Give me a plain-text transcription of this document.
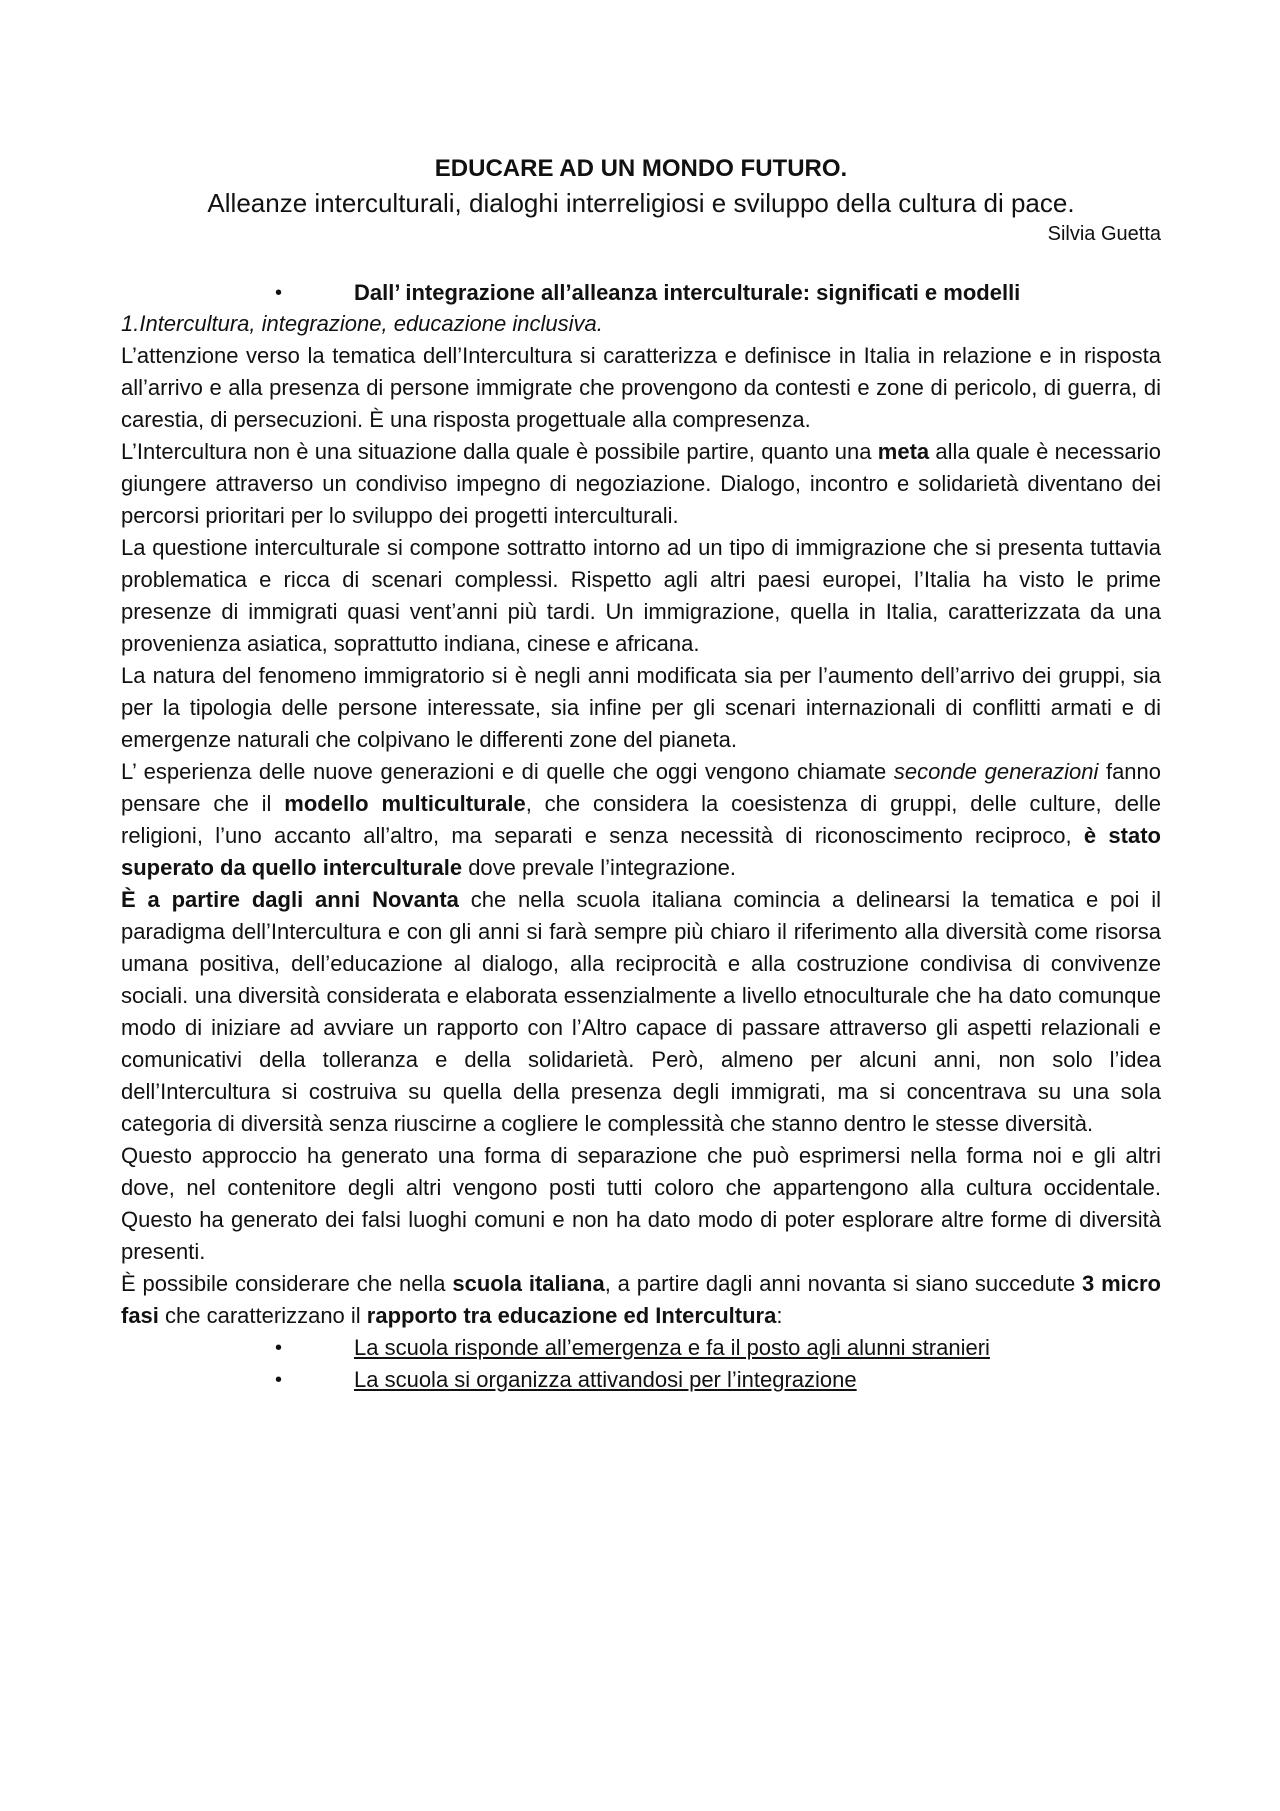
EDUCARE AD UN MONDO FUTURO.

Alleanze interculturali, dialoghi interreligiosi e sviluppo della cultura di pace.

Silvia Guetta

•	Dall’ integrazione all’alleanza interculturale: significati e modelli

1.Intercultura, integrazione, educazione inclusiva.

L’attenzione verso la tematica dell’Intercultura si caratterizza e definisce in Italia in relazione e in risposta all’arrivo e alla presenza di persone immigrate che provengono da contesti e zone di pericolo, di guerra, di carestia, di persecuzioni. È una risposta progettuale alla compresenza.

L’Intercultura non è una situazione dalla quale è possibile partire, quanto una meta alla quale è necessario giungere attraverso un condiviso impegno di negoziazione. Dialogo, incontro e solidarietà diventano dei percorsi prioritari per lo sviluppo dei progetti interculturali.

La questione interculturale si compone sottratto intorno ad un tipo di immigrazione che si presenta tuttavia problematica e ricca di scenari complessi. Rispetto agli altri paesi europei, l’Italia ha visto le prime presenze di immigrati quasi vent’anni più tardi. Un immigrazione, quella in Italia, caratterizzata da una provenienza asiatica, soprattutto indiana, cinese e africana.

La natura del fenomeno immigratorio si è negli anni modificata sia per l’aumento dell’arrivo dei gruppi, sia per la tipologia delle persone interessate, sia infine per gli scenari internazionali di conflitti armati e di emergenze naturali che colpivano le differenti zone del pianeta.

L’ esperienza delle nuove generazioni e di quelle che oggi vengono chiamate seconde generazioni fanno pensare che il modello multiculturale, che considera la coesistenza di gruppi, delle culture, delle religioni, l’uno accanto all’altro, ma separati e senza necessità di riconoscimento reciproco, è stato superato da quello interculturale dove prevale l’integrazione.

È a partire dagli anni Novanta che nella scuola italiana comincia a delinearsi la tematica e poi il paradigma dell’Intercultura e con gli anni si farà sempre più chiaro il riferimento alla diversità come risorsa umana positiva, dell’educazione al dialogo, alla reciprocità e alla costruzione condivisa di convivenze sociali. una diversità considerata e elaborata essenzialmente a livello etnoculturale che ha dato comunque modo di iniziare ad avviare un rapporto con l’Altro capace di passare attraverso gli aspetti relazionali e comunicativi della tolleranza e della solidarietà. Però, almeno per alcuni anni, non solo l’idea dell’Intercultura si costruiva su quella della presenza degli immigrati, ma si concentrava su una sola categoria di diversità senza riuscirne a cogliere le complessità che stanno dentro le stesse diversità.

Questo approccio ha generato una forma di separazione che può esprimersi nella forma noi e gli altri dove, nel contenitore degli altri vengono posti tutti coloro che appartengono alla cultura occidentale. Questo ha generato dei falsi luoghi comuni e non ha dato modo di poter esplorare altre forme di diversità presenti.

È possibile considerare che nella scuola italiana, a partire dagli anni novanta si siano succedute 3 micro fasi che caratterizzano il rapporto tra educazione ed Intercultura:

•	La scuola risponde all’emergenza e fa il posto agli alunni stranieri
•	La scuola si organizza attivandosi per l’integrazione
